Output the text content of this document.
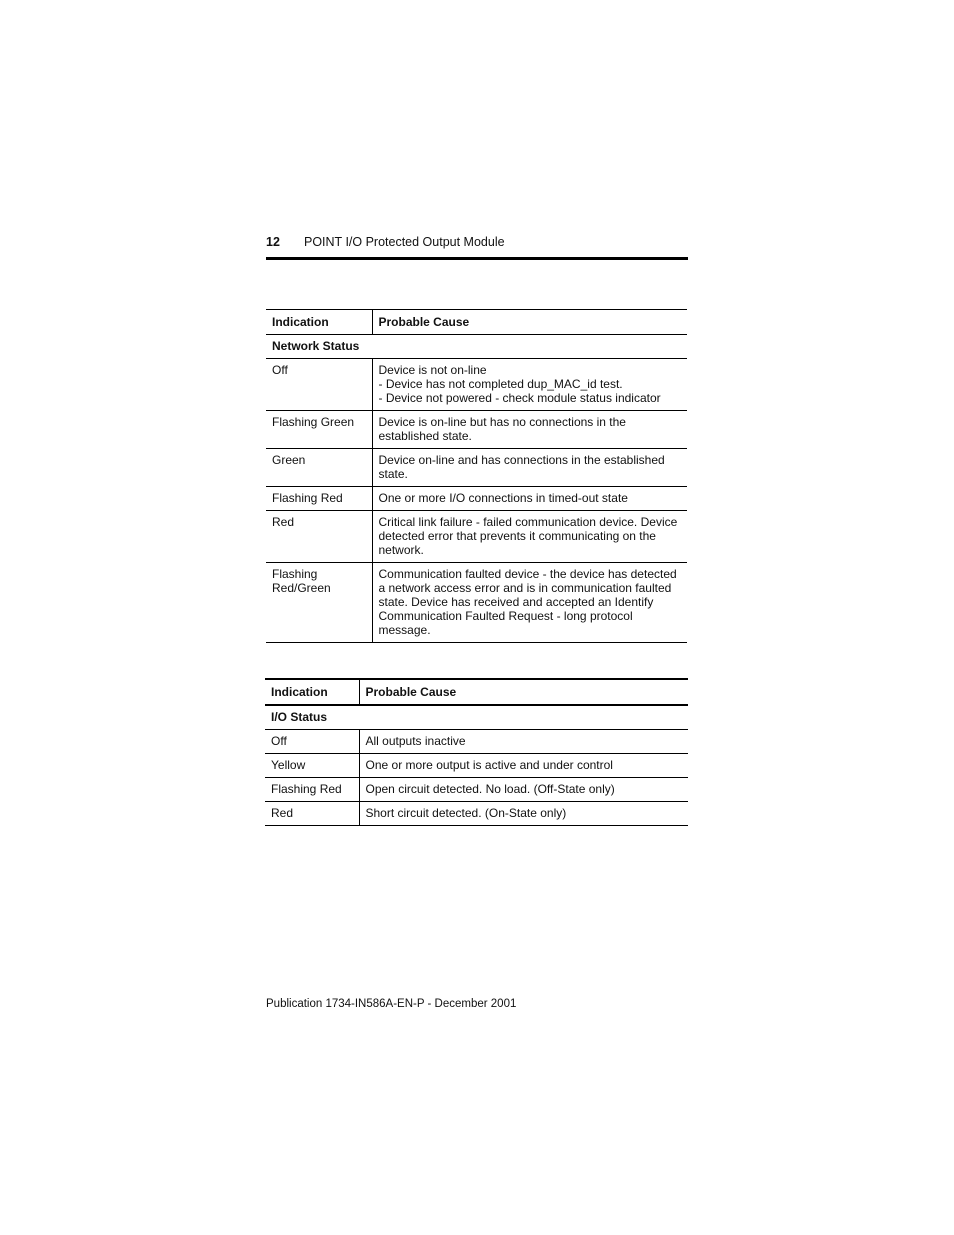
12 POINT I/O Protected Output Module
Indication	Probable Cause
Network Status	
Off	Device is not on-line
- Device has not completed dup_MAC_id test.
- Device not powered - check module status indicator

Flashing Green	Device is on-line but has no connections in the established state.

Green	Device on-line and has connections in the established state.

Flashing Red	One or more I/O connections in timed-out state

Red	Critical link failure - failed communication device. Device detected error that prevents it communicating on the network.

Flashing Red/Green	Communication faulted device - the device has detected a network access error and is in communication faulted state. Device has received and accepted an Identify Communication Faulted Request - long protocol message.
Indication	Probable Cause
I/O Status	
Off	All outputs inactive

Yellow	One or more output is active and under control

Flashing Red	Open circuit detected. No load. (Off-State only)

Red	Short circuit detected. (On-State only)
Publication 1734-IN586A-EN-P - December 2001
